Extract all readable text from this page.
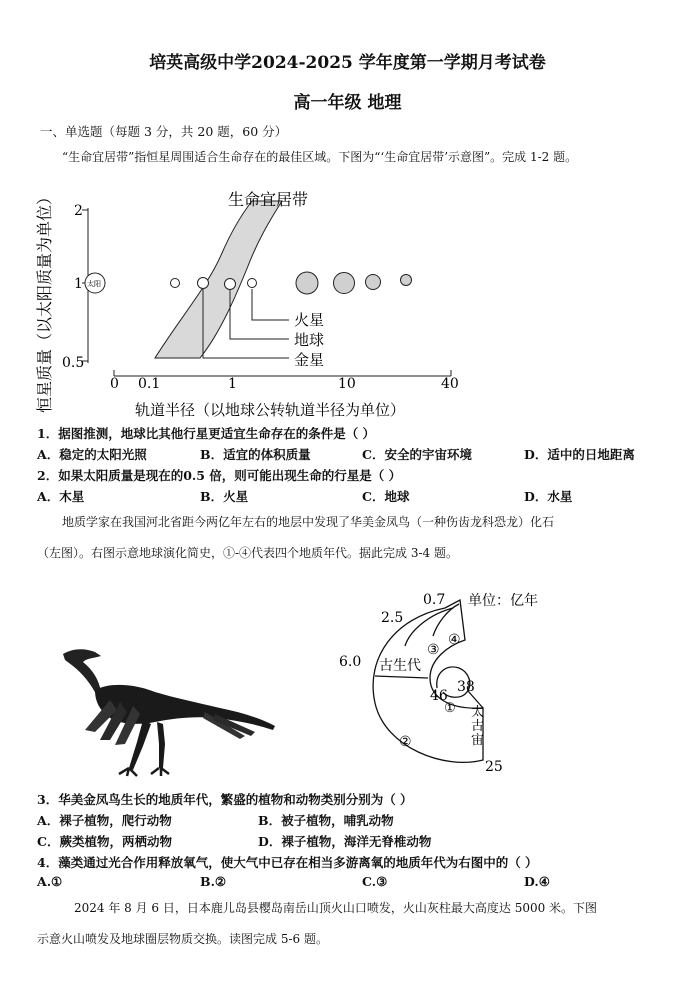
培英高级中学2024-2025 学年度第一学期月考试卷
高一年级 地理
一、单选题（每题 3 分，共 20 题，60 分）
“生命宜居带”指恒星周围适合生命存在的最佳区域。下图为“‘生命宜居带’示意图”。完成 1-2 题。
2
1
0.5
恒星质量（以太阳质量为单位）	0 0.1	1	10	40
轨道半径（以地球公转轨道半径为单位）
生命宜居带
太阳
火星
地球
金星
1．据图推测，地球比其他行星更适宜生命存在的条件是（ ）
A．稳定的太阳光照	B．适宜的体积质量	C．安全的宇宙环境	D．适中的日地距离
2．如果太阳质量是现在的0.5 倍，则可能出现生命的行星是（ ）
A．木星	B．火星	C．地球	D．水星
地质学家在我国河北省距今两亿年左右的地层中发现了华美金凤鸟（一种伤齿龙科恐龙）化石
（左图）。右图示意地球演化简史，①-④代表四个地质年代。据此完成 3-4 题。
单位：亿年
0.7
2.5
6.0
46
38
25
古生代
太
古
宙
①
②
③
④
3．华美金凤鸟生长的地质年代，繁盛的植物和动物类别分别为（ ）
A．裸子植物，爬行动物	B．被子植物，哺乳动物
C．蕨类植物，两栖动物	D．裸子植物，海洋无脊椎动物
4．藻类通过光合作用释放氧气，使大气中已存在相当多游离氧的地质年代为右图中的（ ）
A.①	B.②	C.③	D.④
2024 年 8 月 6 日，日本鹿儿岛县樱岛南岳山顶火山口喷发，火山灰柱最大高度达 5000 米。下图
示意火山喷发及地球圈层物质交换。读图完成 5-6 题。
